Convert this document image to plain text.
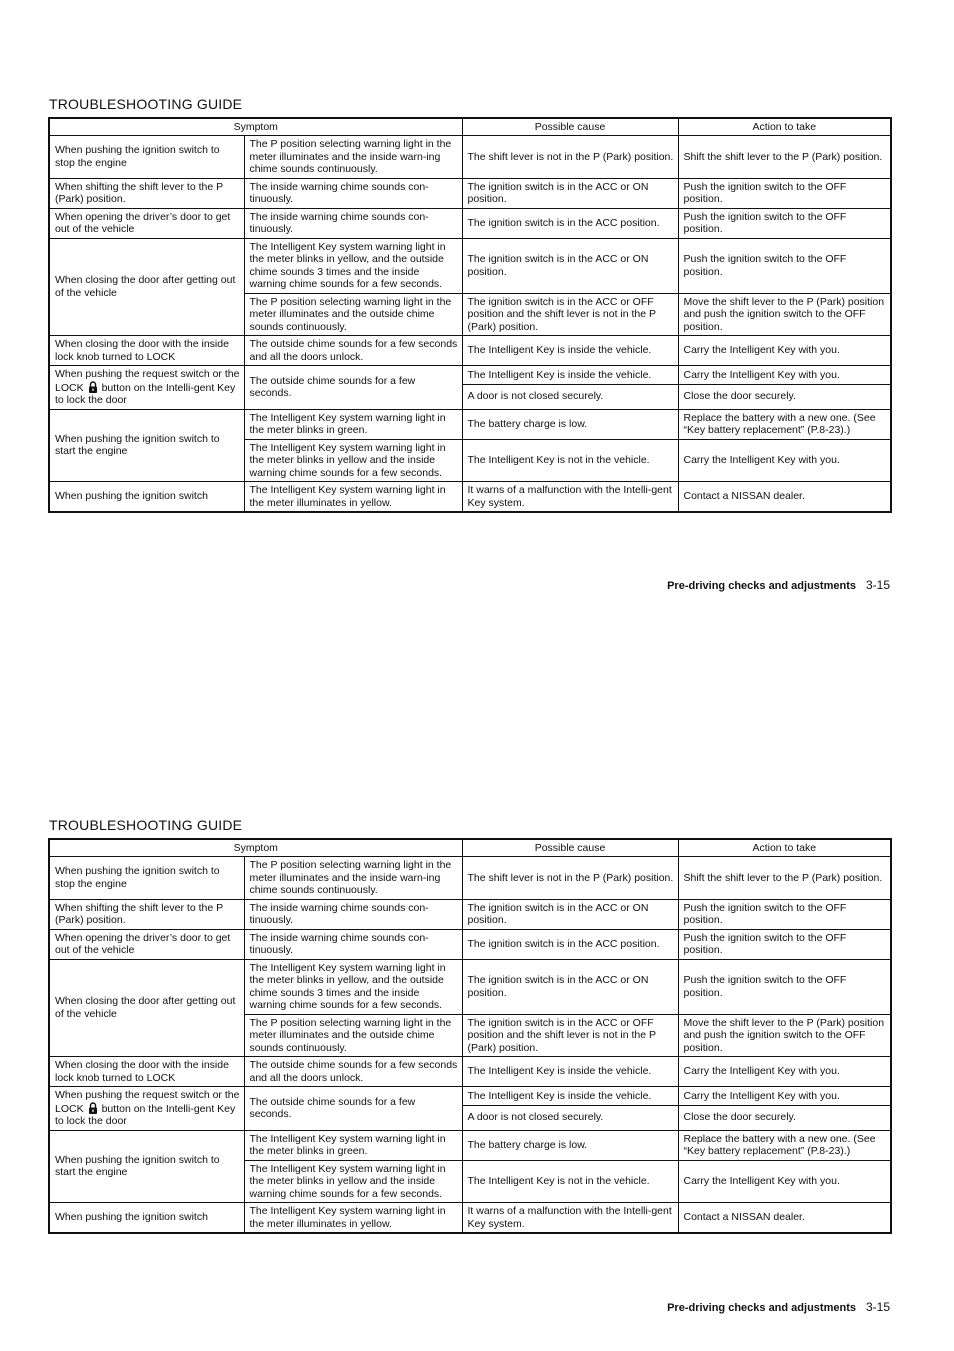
TROUBLESHOOTING GUIDE
Symptom		Possible cause	Action to take
When pushing the ignition switch to stop the engine	The P position selecting warning light in the meter illuminates and the inside warn-ing chime sounds continuously.	The shift lever is not in the P (Park) position.	Shift the shift lever to the P (Park) position.
When shifting the shift lever to the P (Park) position.	The inside warning chime sounds con-tinuously.	The ignition switch is in the ACC or ON position.	Push the ignition switch to the OFF position.
When opening the driver’s door to get out of the vehicle	The inside warning chime sounds con-tinuously.	The ignition switch is in the ACC position.	Push the ignition switch to the OFF position.
When closing the door after getting out of the vehicle	The Intelligent Key system warning light in the meter blinks in yellow, and the outside chime sounds 3 times and the inside warning chime sounds for a few seconds.	The ignition switch is in the ACC or ON position.	Push the ignition switch to the OFF position.
	The P position selecting warning light in the meter illuminates and the outside chime sounds continuously.	The ignition switch is in the ACC or OFF position and the shift lever is not in the P (Park) position.	Move the shift lever to the P (Park) position and push the ignition switch to the OFF position.
When closing the door with the inside lock knob turned to LOCK	The outside chime sounds for a few seconds and all the doors unlock.	The Intelligent Key is inside the vehicle.	Carry the Intelligent Key with you.
When pushing the request switch or the LOCK button on the Intelli-gent Key to lock the door	The outside chime sounds for a few seconds.	The Intelligent Key is inside the vehicle.	Carry the Intelligent Key with you.
		A door is not closed securely.	Close the door securely.
When pushing the ignition switch to start the engine	The Intelligent Key system warning light in the meter blinks in green.	The battery charge is low.	Replace the battery with a new one. (See “Key battery replacement” (P.8-23).)
	The Intelligent Key system warning light in the meter blinks in yellow and the inside warning chime sounds for a few seconds.	The Intelligent Key is not in the vehicle.	Carry the Intelligent Key with you.
When pushing the ignition switch	The Intelligent Key system warning light in the meter illuminates in yellow.	It warns of a malfunction with the Intelli-gent Key system.	Contact a NISSAN dealer.
Pre-driving checks and adjustments 3-15
TROUBLESHOOTING GUIDE
Symptom		Possible cause	Action to take
When pushing the ignition switch to stop the engine	The P position selecting warning light in the meter illuminates and the inside warn-ing chime sounds continuously.	The shift lever is not in the P (Park) position.	Shift the shift lever to the P (Park) position.
When shifting the shift lever to the P (Park) position.	The inside warning chime sounds con-tinuously.	The ignition switch is in the ACC or ON position.	Push the ignition switch to the OFF position.
When opening the driver’s door to get out of the vehicle	The inside warning chime sounds con-tinuously.	The ignition switch is in the ACC position.	Push the ignition switch to the OFF position.
When closing the door after getting out of the vehicle	The Intelligent Key system warning light in the meter blinks in yellow, and the outside chime sounds 3 times and the inside warning chime sounds for a few seconds.	The ignition switch is in the ACC or ON position.	Push the ignition switch to the OFF position.
	The P position selecting warning light in the meter illuminates and the outside chime sounds continuously.	The ignition switch is in the ACC or OFF position and the shift lever is not in the P (Park) position.	Move the shift lever to the P (Park) position and push the ignition switch to the OFF position.
When closing the door with the inside lock knob turned to LOCK	The outside chime sounds for a few seconds and all the doors unlock.	The Intelligent Key is inside the vehicle.	Carry the Intelligent Key with you.
When pushing the request switch or the LOCK button on the Intelli-gent Key to lock the door	The outside chime sounds for a few seconds.	The Intelligent Key is inside the vehicle.	Carry the Intelligent Key with you.
		A door is not closed securely.	Close the door securely.
When pushing the ignition switch to start the engine	The Intelligent Key system warning light in the meter blinks in green.	The battery charge is low.	Replace the battery with a new one. (See “Key battery replacement” (P.8-23).)
	The Intelligent Key system warning light in the meter blinks in yellow and the inside warning chime sounds for a few seconds.	The Intelligent Key is not in the vehicle.	Carry the Intelligent Key with you.
When pushing the ignition switch	The Intelligent Key system warning light in the meter illuminates in yellow.	It warns of a malfunction with the Intelli-gent Key system.	Contact a NISSAN dealer.
Pre-driving checks and adjustments 3-15
